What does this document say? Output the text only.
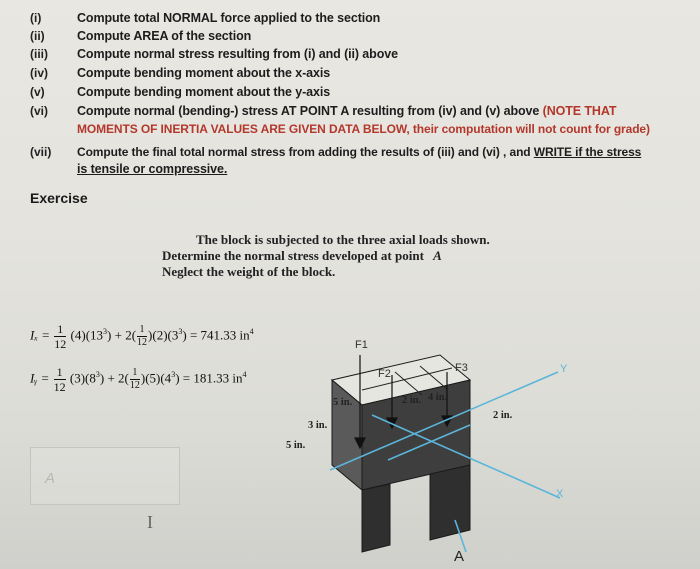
(i)	Compute total NORMAL force applied to the section
(ii)	Compute AREA of the section
(iii) Compute normal stress resulting from (i) and (ii) above
(iv) Compute bending moment about the x-axis
(v)	Compute bending moment about the y-axis
(vi) Compute normal (bending-) stress AT POINT A resulting from (iv) and (v) above (NOTE THAT
MOMENTS OF INERTIA VALUES ARE GIVEN DATA BELOW, their computation will not count for grade)
(vii) Compute the final total normal stress from adding the results of (iii) and (vi) , and WRITE if the stress
is tensile or compressive.
Exercise
The block is subjected to the three axial loads shown.
Determine the normal stress developed at point A
Neglect the weight of the block.
$I_x = \frac{1}{12} (4)(13^3) + 2( \frac{1}{12} )(2)(3^3) = 741.33$ $in^4$
Iᵧ = $\frac{1}{12} (3)(8^3) + 2( \frac{1}{12} )(5)(4^3) = 181.33$ $in^4$
A
I
F1
F2	F3	Y
X
A
5 in.
3 in.
5 in.
2 in. 4 in.
2 in.
